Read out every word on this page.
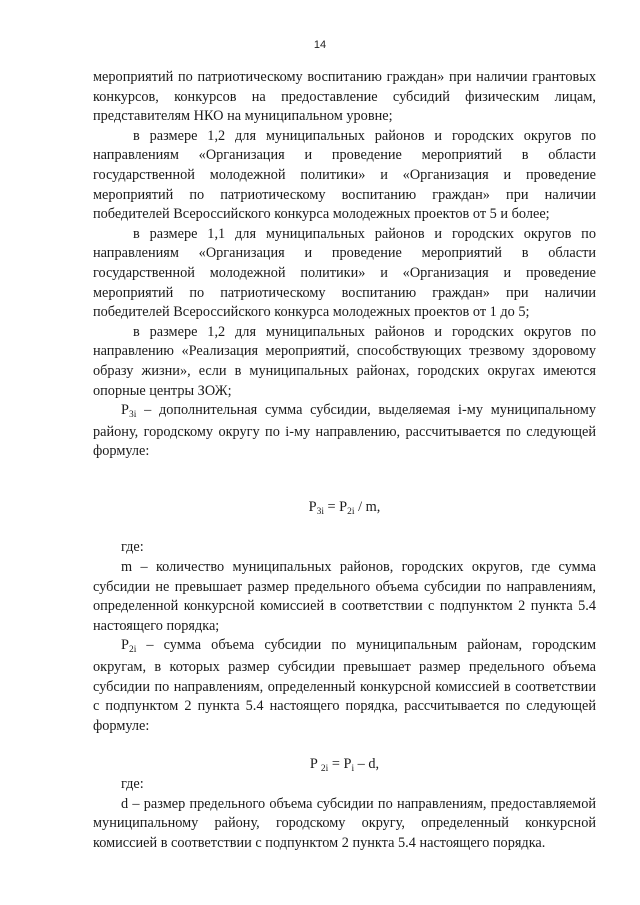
14

мероприятий по патриотическому воспитанию граждан» при наличии грантовых конкурсов, конкурсов на предоставление субсидий физическим лицам, представителям НКО на муниципальном уровне;

в размере 1,2 для муниципальных районов и городских округов по направлениям «Организация и проведение мероприятий в области государственной молодежной политики» и «Организация и проведение мероприятий по патриотическому воспитанию граждан» при наличии победителей Всероссийского конкурса молодежных проектов от 5 и более;

в размере 1,1 для муниципальных районов и городских округов по направлениям «Организация и проведение мероприятий в области государственной молодежной политики» и «Организация и проведение мероприятий по патриотическому воспитанию граждан» при наличии победителей Всероссийского конкурса молодежных проектов от 1 до 5;

в размере 1,2 для муниципальных районов и городских округов по направлению «Реализация мероприятий, способствующих трезвому здоровому образу жизни», если в муниципальных районах, городских округах имеются опорные центры ЗОЖ;

$P_{3i}$ – дополнительная сумма субсидии, выделяемая i-му муниципальному району, городскому округу по i-му направлению, рассчитывается по следующей формуле:

$P_{3i} = P_{2i} / m$,

где:

m – количество муниципальных районов, городских округов, где сумма субсидии не превышает размер предельного объема субсидии по направлениям, определенной конкурсной комиссией в соответствии с подпунктом 2 пункта 5.4 настоящего порядка;

$P_{2i}$ – сумма объема субсидии по муниципальным районам, городским округам, в которых размер субсидии превышает размер предельного объема субсидии по направлениям, определенный конкурсной комиссией в соответствии с подпунктом 2 пункта 5.4 настоящего порядка, рассчитывается по следующей формуле:

P $_{2i} = P_i - d$,

где:

d – размер предельного объема субсидии по направлениям, предоставляемой муниципальному району, городскому округу, определенный конкурсной комиссией в соответствии с подпунктом 2 пункта 5.4 настоящего порядка.
